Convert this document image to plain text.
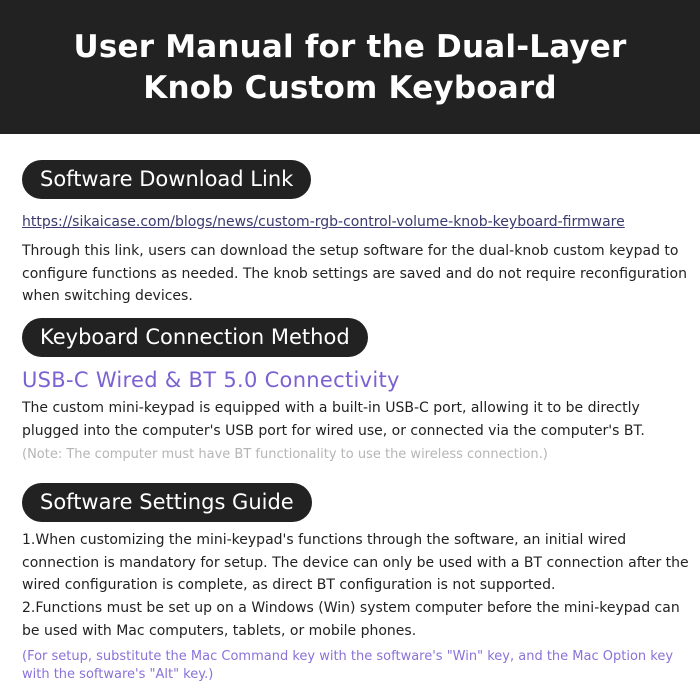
User Manual for the Dual-Layer Knob Custom Keyboard
Software Download Link
https://sikaicase.com/blogs/news/custom-rgb-control-volume-knob-keyboard-firmware

Through this link, users can download the setup software for the dual-knob custom keypad to configure functions as needed. The knob settings are saved and do not require reconfiguration when switching devices.

Keyboard Connection Method
USB-C Wired & BT 5.0 Connectivity

The custom mini-keypad is equipped with a built-in USB-C port, allowing it to be directly plugged into the computer's USB port for wired use, or connected via the computer's BT.

(Note: The computer must have BT functionality to use the wireless connection.)

Software Settings Guide

1.When customizing the mini-keypad's functions through the software, an initial wired connection is mandatory for setup. The device can only be used with a BT connection after the wired configuration is complete, as direct BT configuration is not supported.

2.Functions must be set up on a Windows (Win) system computer before the mini-keypad can be used with Mac computers, tablets, or mobile phones.

(For setup, substitute the Mac Command key with the software's "Win" key, and the Mac Option key with the software's "Alt" key.)
